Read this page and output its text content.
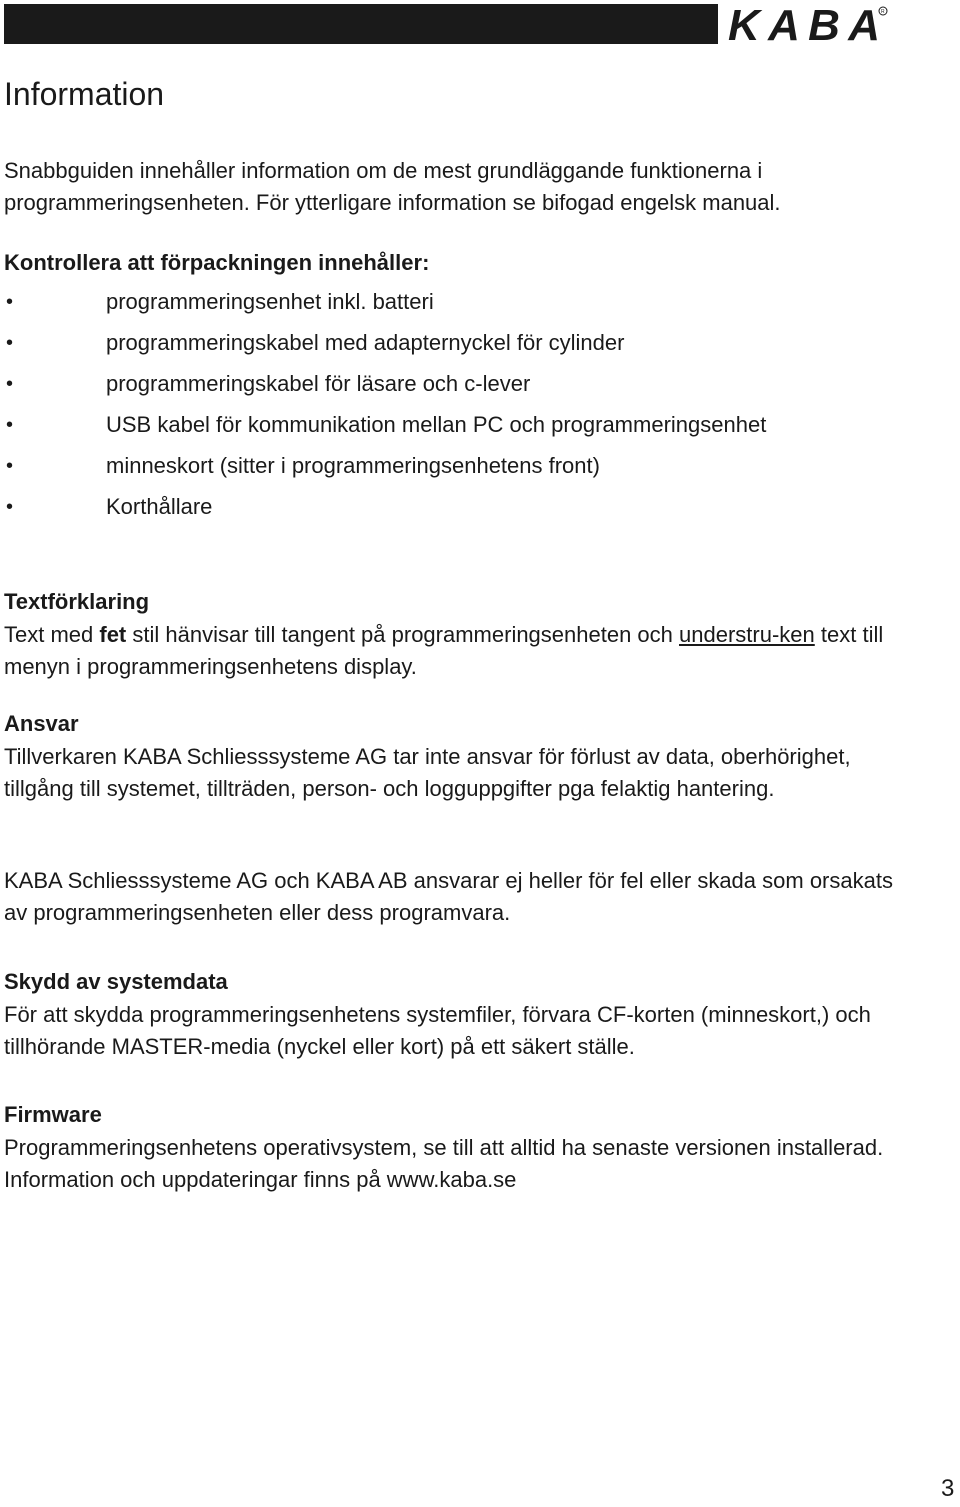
KABA R
Information

Snabbguiden innehåller information om de mest grundläggande funktionerna i programmeringsenheten. För ytterligare information se bifogad engelsk manual.

Kontrollera att förpackningen innehåller:

•	programmeringsenhet inkl. batteri
•	programmeringskabel med adapternyckel för cylinder
•	programmeringskabel för läsare och c-lever
•	USB kabel för kommunikation mellan PC och programmeringsenhet
•	minneskort (sitter i programmeringsenhetens front)
•	Korthållare

Textförklaring

Text med fet stil hänvisar till tangent på programmeringsenheten och understru-ken text till menyn i programmeringsenhetens display.

Ansvar

Tillverkaren KABA Schliesssysteme AG tar inte ansvar för förlust av data, oberhörighet, tillgång till systemet, tillträden, person- och logguppgifter pga felaktig hantering.

KABA Schliesssysteme AG och KABA AB ansvarar ej heller för fel eller skada som orsakats av programmeringsenheten eller dess programvara.

Skydd av systemdata

För att skydda programmeringsenhetens systemfiler, förvara CF-korten (minneskort,) och tillhörande MASTER-media (nyckel eller kort) på ett säkert ställe.

Firmware

Programmeringsenhetens operativsystem, se till att alltid ha senaste versionen installerad. Information och uppdateringar finns på www.kaba.se

3
